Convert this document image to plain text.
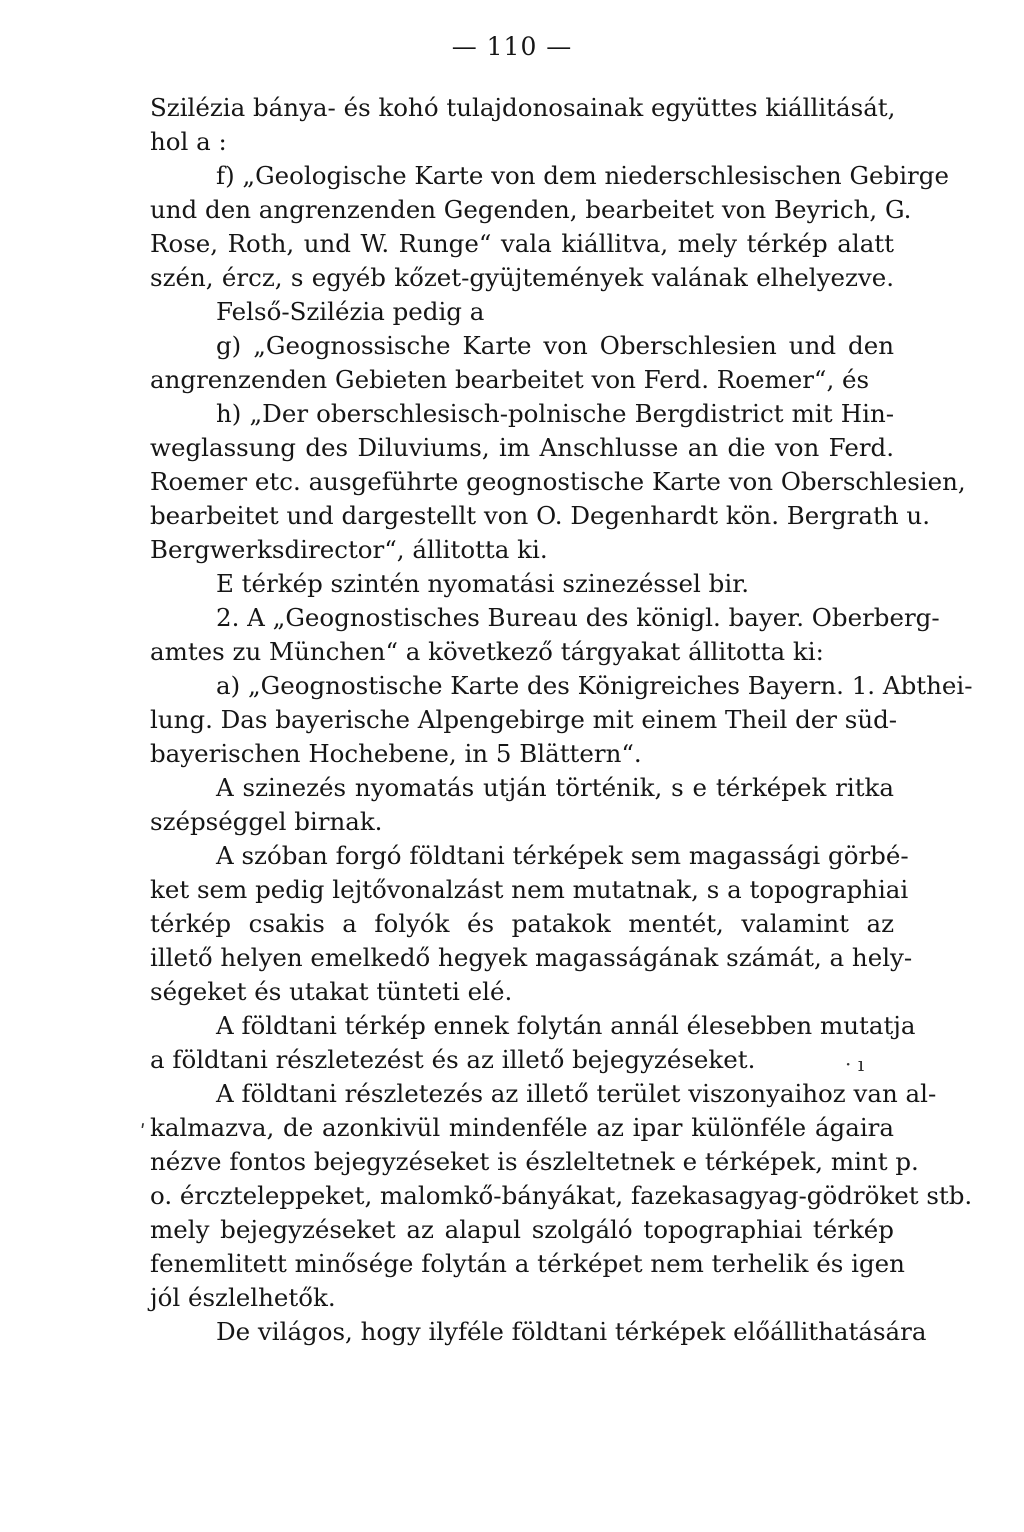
— 110 —
Szilézia bánya- és kohó tulajdonosainak együttes kiállitását,
hol a :
f) „Geologische Karte von dem niederschlesischen Gebirge
und den angrenzenden Gegenden, bearbeitet von Beyrich, G.
Rose, Roth, und W. Runge“ vala kiállitva, mely térkép alatt
szén, ércz, s egyéb kőzet-gyüjtemények valának elhelyezve.
Felső-Szilézia pedig a
g) „Geognossische Karte von Oberschlesien und den
angrenzenden Gebieten bearbeitet von Ferd. Roemer“, és
h) „Der oberschlesisch-polnische Bergdistrict mit Hin-
weglassung des Diluviums, im Anschlusse an die von Ferd.
Roemer etc. ausgeführte geognostische Karte von Oberschlesien,
bearbeitet und dargestellt von O. Degenhardt kön. Bergrath u.
Bergwerksdirector“, állitotta ki.
E térkép szintén nyomatási szinezéssel bir.
2. A „Geognostisches Bureau des königl. bayer. Oberberg-
amtes zu München“ a következő tárgyakat állitotta ki:
a) „Geognostische Karte des Königreiches Bayern. 1. Abthei-
lung. Das bayerische Alpengebirge mit einem Theil der süd-
bayerischen Hochebene, in 5 Blättern“.
A szinezés nyomatás utján történik, s e térképek ritka
szépséggel birnak.
A szóban forgó földtani térképek sem magassági görbé-
ket sem pedig lejtővonalzást nem mutatnak, s a topographiai
térkép csakis a folyók és patakok mentét, valamint az
illető helyen emelkedő hegyek magasságának számát, a hely-
ségeket és utakat tünteti elé.
A földtani térkép ennek folytán annál élesebben mutatja
a földtani részletezést és az illető bejegyzéseket.
A földtani részletezés az illető terület viszonyaihoz van al-
kalmazva, de azonkivül mindenféle az ipar különféle ágaira
nézve fontos bejegyzéseket is észleltetnek e térképek, mint p.
o. érczteleppeket, malomkő-bányákat, fazekasagyag-gödröket stb.
mely bejegyzéseket az alapul szolgáló topographiai térkép
fenemlitett minősége folytán a térképet nem terhelik és igen
jól észlelhetők.
De világos, hogy ilyféle földtani térképek előállithatására
ʹ
· ı
